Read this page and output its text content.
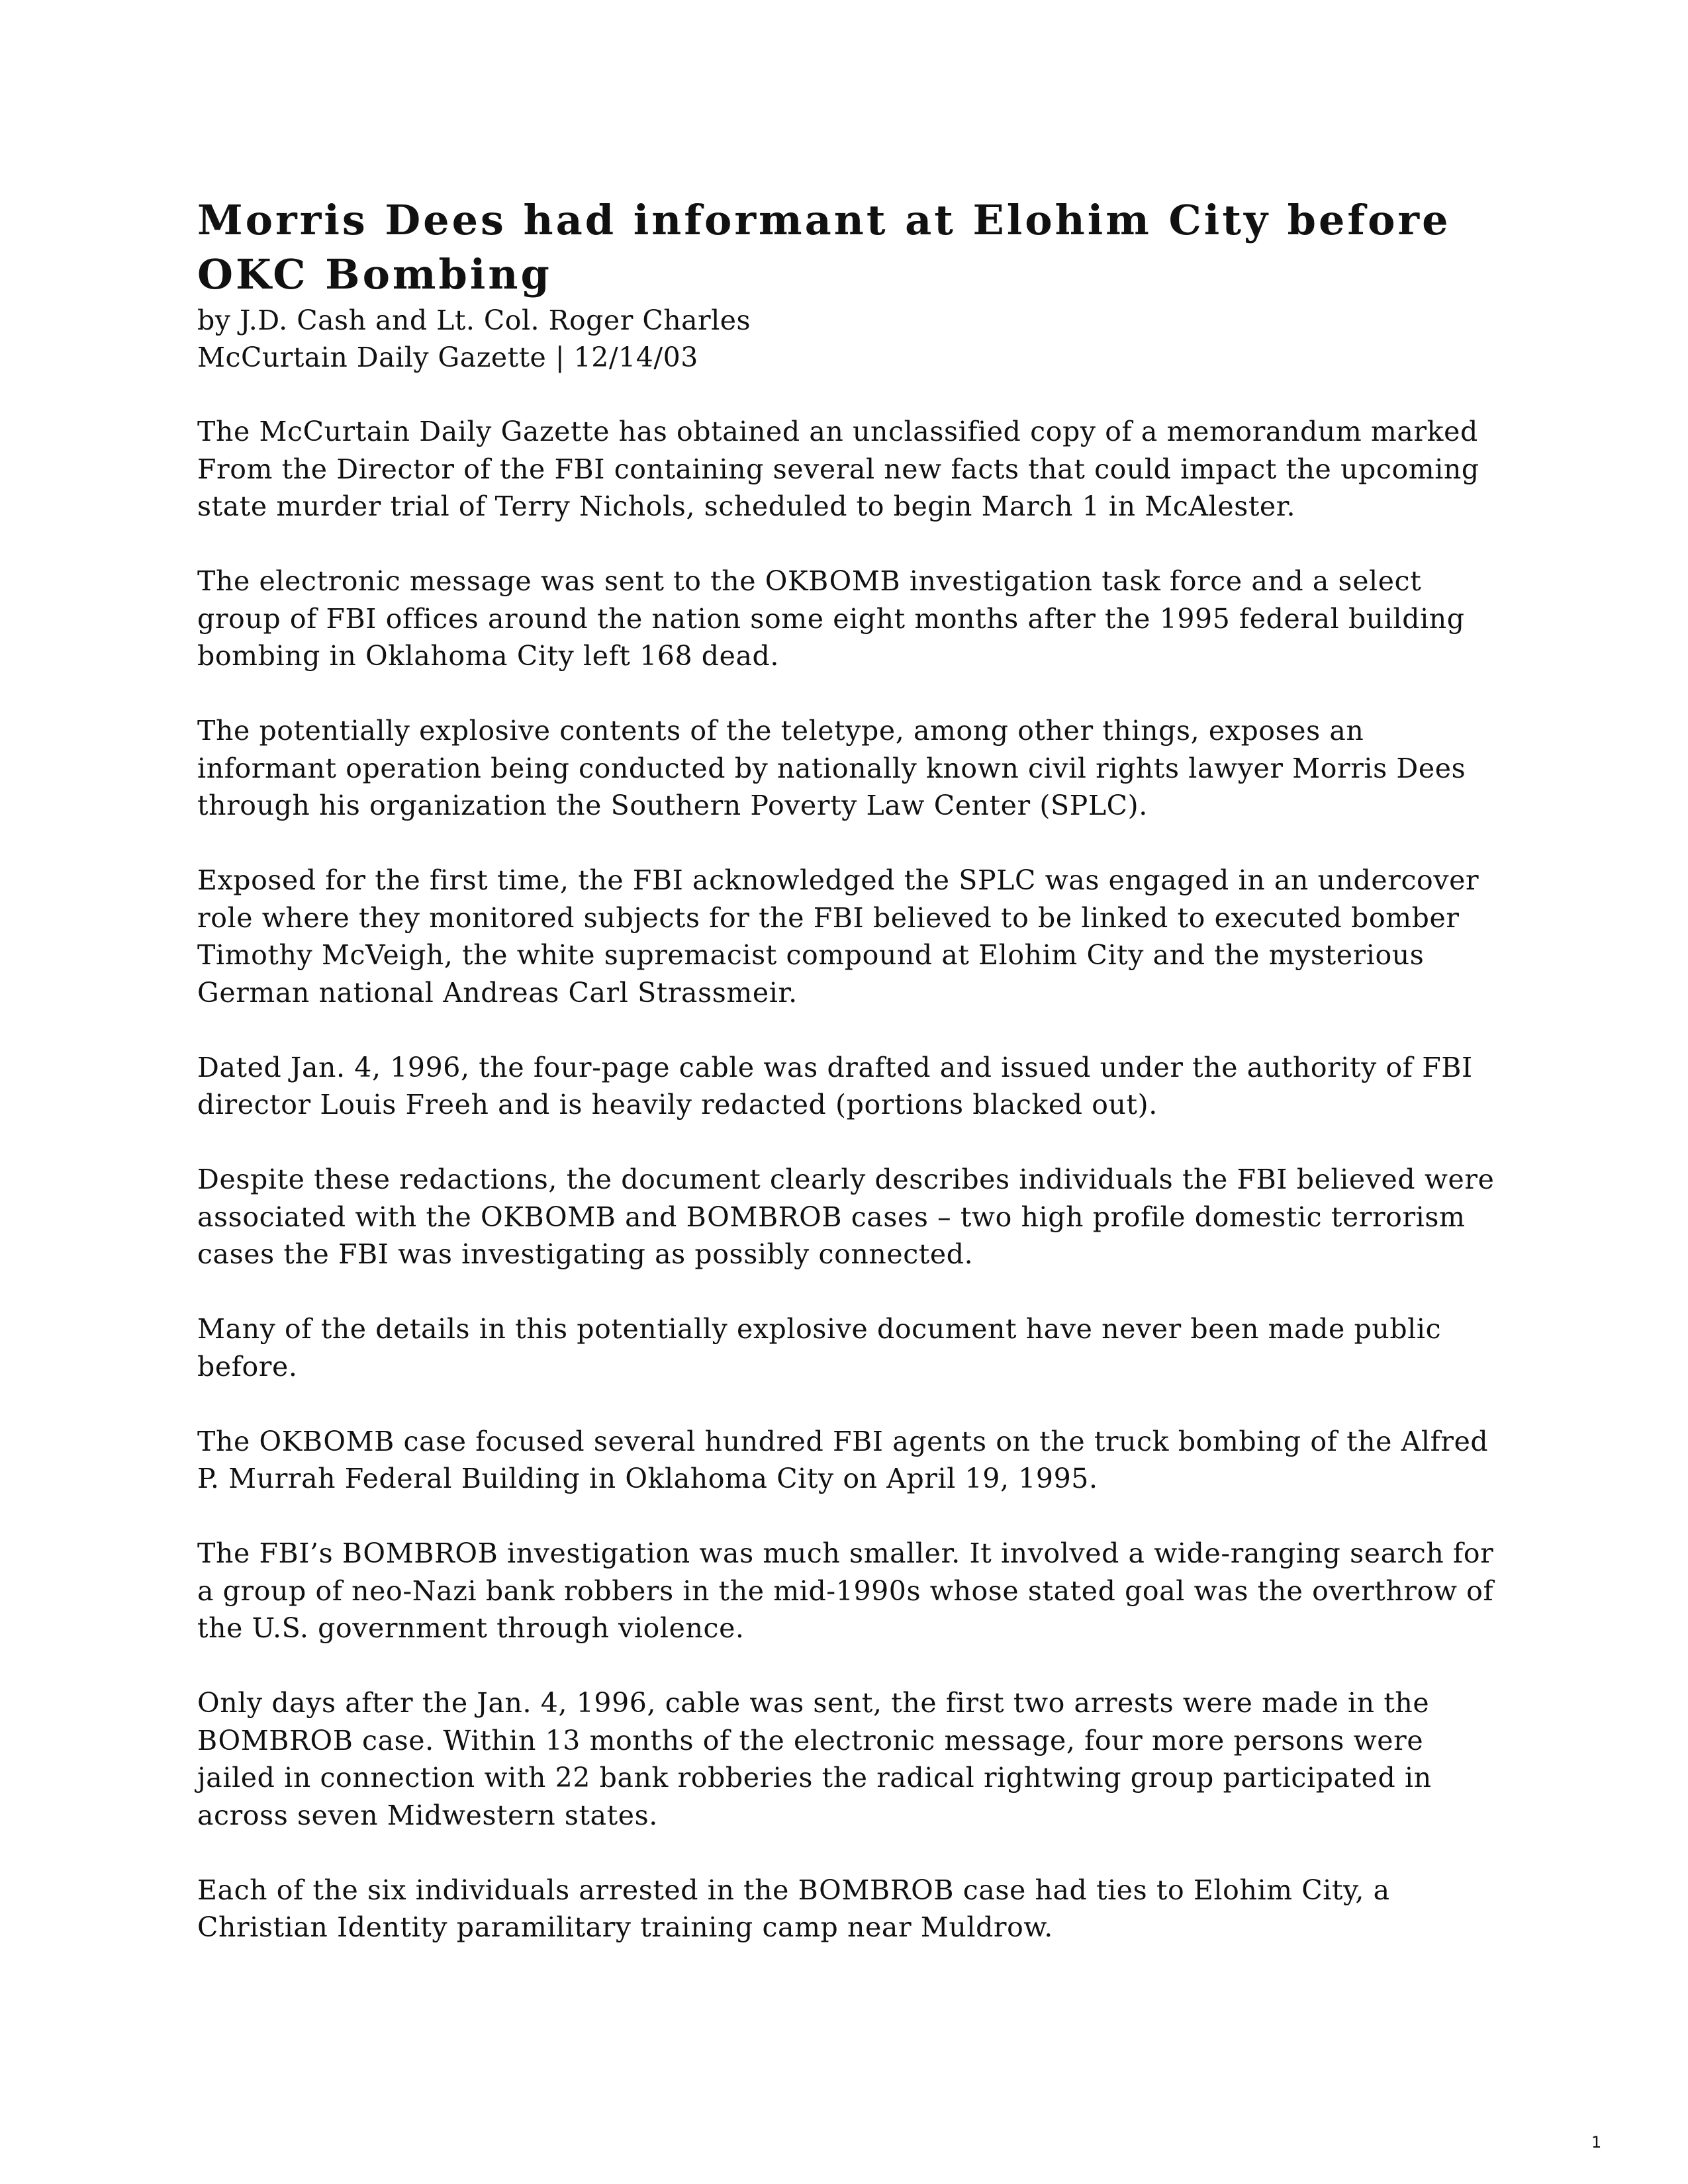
Morris Dees had informant at Elohim City before OKC Bombing

by J.D. Cash and Lt. Col. Roger Charles

McCurtain Daily Gazette | 12/14/03

The McCurtain Daily Gazette has obtained an unclassified copy of a memorandum marked From the Director of the FBI containing several new facts that could impact the upcoming state murder trial of Terry Nichols, scheduled to begin March 1 in McAlester.

The electronic message was sent to the OKBOMB investigation task force and a select group of FBI offices around the nation some eight months after the 1995 federal building bombing in Oklahoma City left 168 dead.

The potentially explosive contents of the teletype, among other things, exposes an informant operation being conducted by nationally known civil rights lawyer Morris Dees through his organization the Southern Poverty Law Center (SPLC).

Exposed for the first time, the FBI acknowledged the SPLC was engaged in an undercover role where they monitored subjects for the FBI believed to be linked to executed bomber Timothy McVeigh, the white supremacist compound at Elohim City and the mysterious German national Andreas Carl Strassmeir.

Dated Jan. 4, 1996, the four-page cable was drafted and issued under the authority of FBI director Louis Freeh and is heavily redacted (portions blacked out).

Despite these redactions, the document clearly describes individuals the FBI believed were associated with the OKBOMB and BOMBROB cases – two high profile domestic terrorism cases the FBI was investigating as possibly connected.

Many of the details in this potentially explosive document have never been made public before.

The OKBOMB case focused several hundred FBI agents on the truck bombing of the Alfred P. Murrah Federal Building in Oklahoma City on April 19, 1995.

The FBI’s BOMBROB investigation was much smaller. It involved a wide-ranging search for a group of neo-Nazi bank robbers in the mid-1990s whose stated goal was the overthrow of the U.S. government through violence.

Only days after the Jan. 4, 1996, cable was sent, the first two arrests were made in the BOMBROB case. Within 13 months of the electronic message, four more persons were jailed in connection with 22 bank robberies the radical rightwing group participated in across seven Midwestern states.

Each of the six individuals arrested in the BOMBROB case had ties to Elohim City, a Christian Identity paramilitary training camp near Muldrow.

1
